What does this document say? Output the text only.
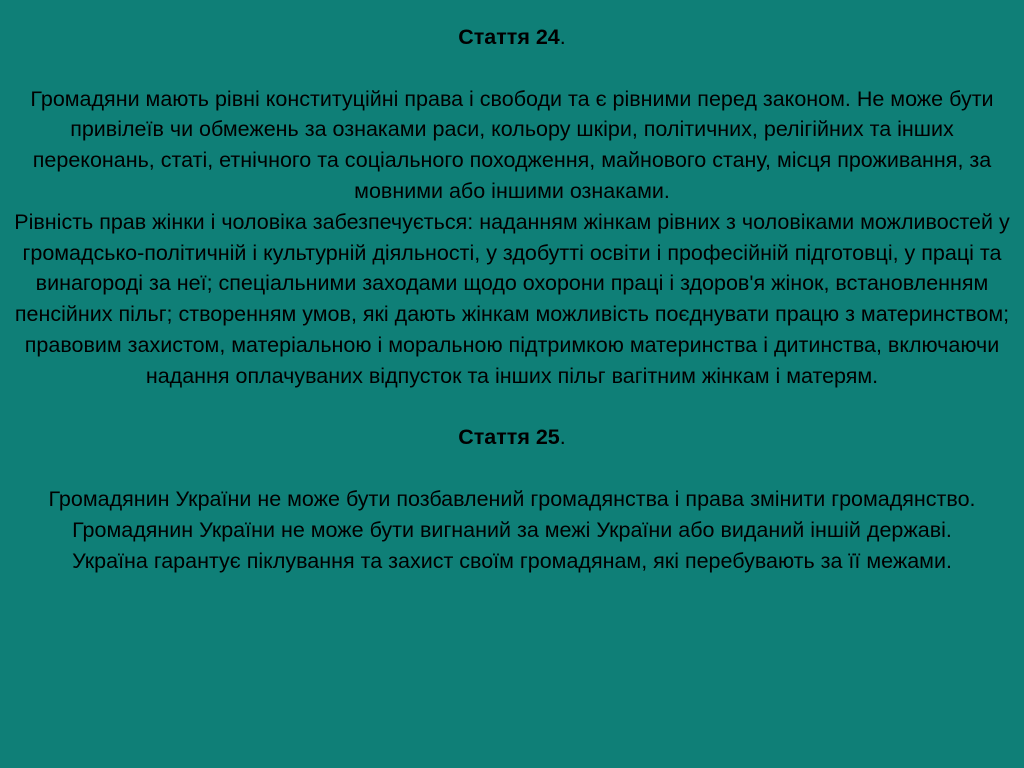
Стаття 24.

Громадяни мають рівні конституційні права і свободи та є рівними перед законом. Не може бути привілеїв чи обмежень за ознаками раси, кольору шкіри, політичних, релігійних та інших переконань, статі, етнічного та соціального походження, майнового стану, місця проживання, за мовними або іншими ознаками.

Рівність прав жінки і чоловіка забезпечується: наданням жінкам рівних з чоловіками можливостей у громадсько-політичній і культурній діяльності, у здобутті освіти і професійній підготовці, у праці та винагороді за неї; спеціальними заходами щодо охорони праці і здоров'я жінок, встановленням пенсійних пільг; створенням умов, які дають жінкам можливість поєднувати працю з материнством;

правовим захистом, матеріальною і моральною підтримкою материнства і дитинства, включаючи надання оплачуваних відпусток та інших пільг вагітним жінкам і матерям.

Стаття 25.

Громадянин України не може бути позбавлений громадянства і права змінити громадянство.

Громадянин України не може бути вигнаний за межі України або виданий іншій державі.

Україна гарантує піклування та захист своїм громадянам, які перебувають за її межами.
